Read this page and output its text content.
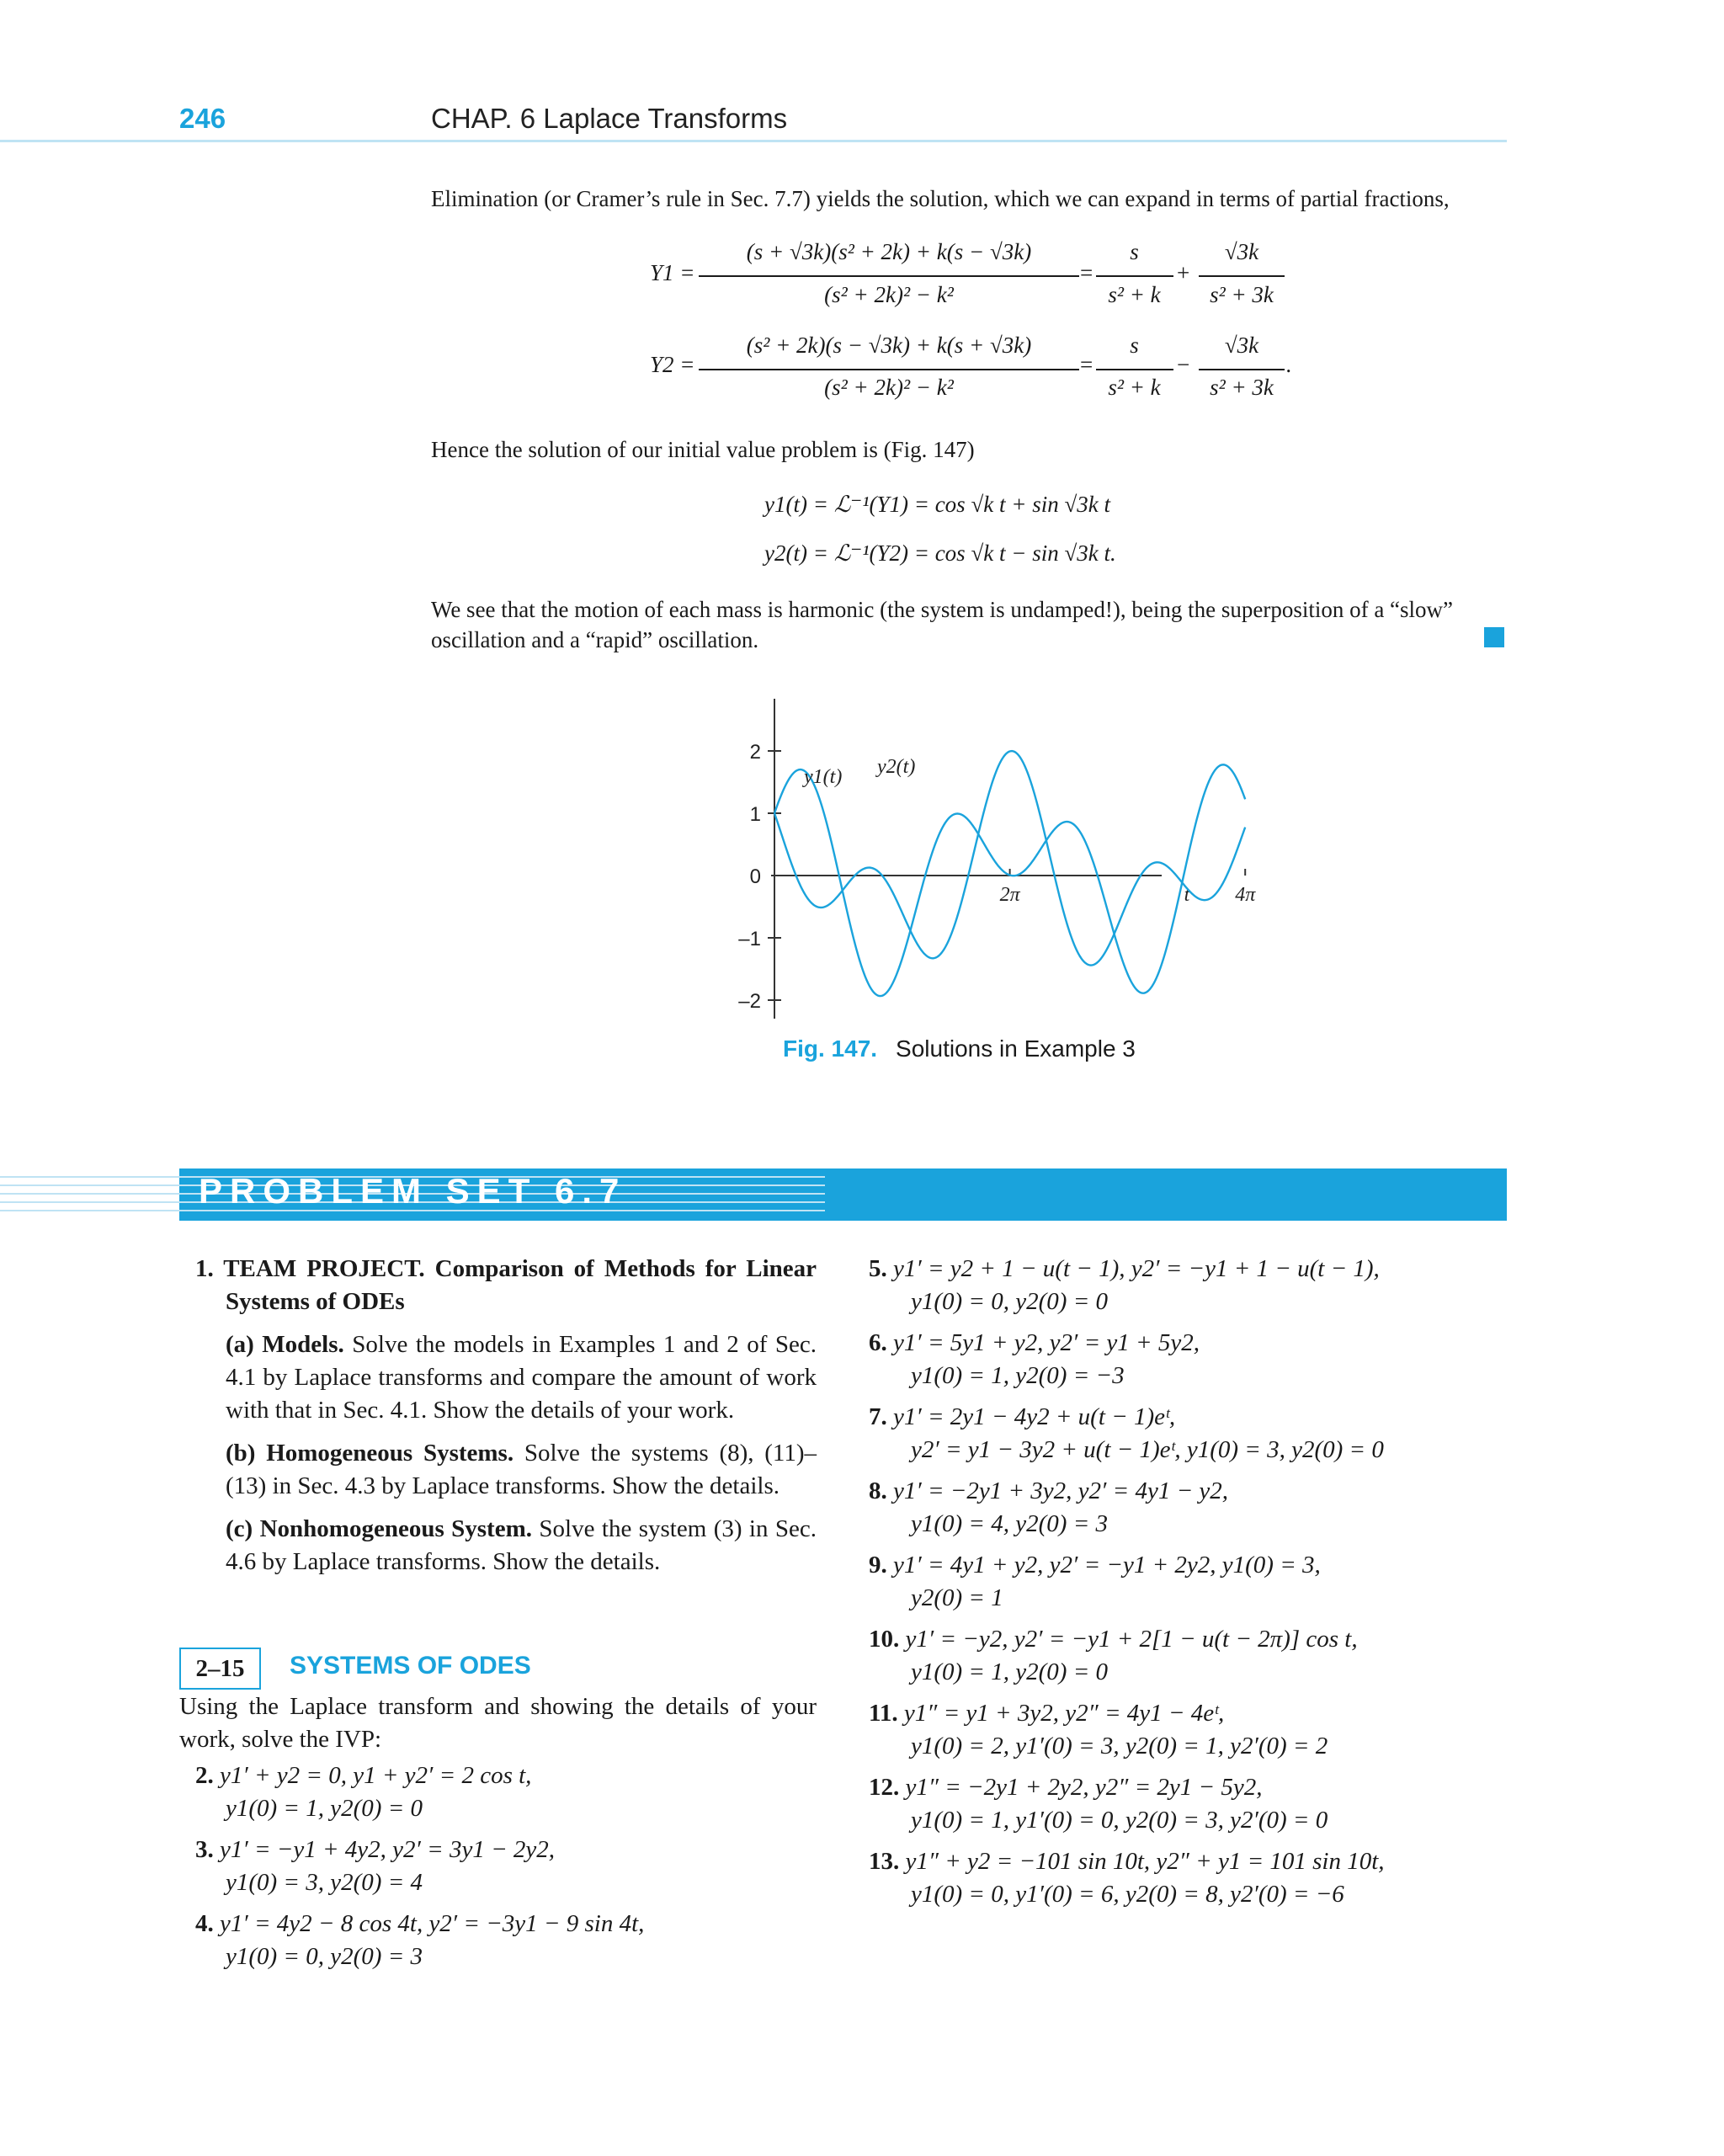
246	CHAP. 6 Laplace Transforms
Elimination (or Cramer’s rule in Sec. 7.7) yields the solution, which we can expand in terms of partial fractions,
Y1 =
(s + √3k)(s² + 2k) + k(s − √3k)
(s² + 2k)² − k²
=
s
s² + k
+
√3k
s² + 3k
Y2 =
(s² + 2k)(s − √3k) + k(s + √3k)
(s² + 2k)² − k²
=
s
s² + k
−
√3k
s² + 3k
.
Hence the solution of our initial value problem is (Fig. 147)
y1(t) = ℒ⁻¹(Y1) = cos √k t + sin √3k t
y2(t) = ℒ⁻¹(Y2) = cos √k t − sin √3k t.
We see that the motion of each mass is harmonic (the system is undamped!), being the superposition of a “slow” oscillation and a “rapid” oscillation.
2
1
0
–1
–2
2π	4π
t
y1(t) y2(t)
Fig. 147. Solutions in Example 3
PROBLEM SET 6.7
1. TEAM PROJECT. Comparison of Methods for Linear Systems of ODEs
(a) Models. Solve the models in Examples 1 and 2 of Sec. 4.1 by Laplace transforms and compare the amount of work with that in Sec. 4.1. Show the details of your work.
(b) Homogeneous Systems. Solve the systems (8), (11)–(13) in Sec. 4.3 by Laplace transforms. Show the details.
(c) Nonhomogeneous System. Solve the system (3) in Sec. 4.6 by Laplace transforms. Show the details.
2–15	SYSTEMS OF ODES
Using the Laplace transform and showing the details of your work, solve the IVP:
2. y1′ + y2 = 0, y1 + y2′ = 2 cos t,
y1(0) = 1, y2(0) = 0
3. y1′ = −y1 + 4y2, y2′ = 3y1 − 2y2,
y1(0) = 3, y2(0) = 4
4. y1′ = 4y2 − 8 cos 4t, y2′ = −3y1 − 9 sin 4t,
y1(0) = 0, y2(0) = 3
5. y1′ = y2 + 1 − u(t − 1), y2′ = −y1 + 1 − u(t − 1),
y1(0) = 0, y2(0) = 0
6. y1′ = 5y1 + y2, y2′ = y1 + 5y2,
y1(0) = 1, y2(0) = −3
7. y1′ = 2y1 − 4y2 + u(t − 1)eᵗ,
y2′ = y1 − 3y2 + u(t − 1)eᵗ, y1(0) = 3, y2(0) = 0
8. y1′ = −2y1 + 3y2, y2′ = 4y1 − y2,
y1(0) = 4, y2(0) = 3
9. y1′ = 4y1 + y2, y2′ = −y1 + 2y2, y1(0) = 3,
y2(0) = 1
10. y1′ = −y2, y2′ = −y1 + 2[1 − u(t − 2π)] cos t,
y1(0) = 1, y2(0) = 0
11. y1″ = y1 + 3y2, y2″ = 4y1 − 4eᵗ,
y1(0) = 2, y1′(0) = 3, y2(0) = 1, y2′(0) = 2
12. y1″ = −2y1 + 2y2, y2″ = 2y1 − 5y2,
y1(0) = 1, y1′(0) = 0, y2(0) = 3, y2′(0) = 0
13. y1″ + y2 = −101 sin 10t, y2″ + y1 = 101 sin 10t,
y1(0) = 0, y1′(0) = 6, y2(0) = 8, y2′(0) = −6
